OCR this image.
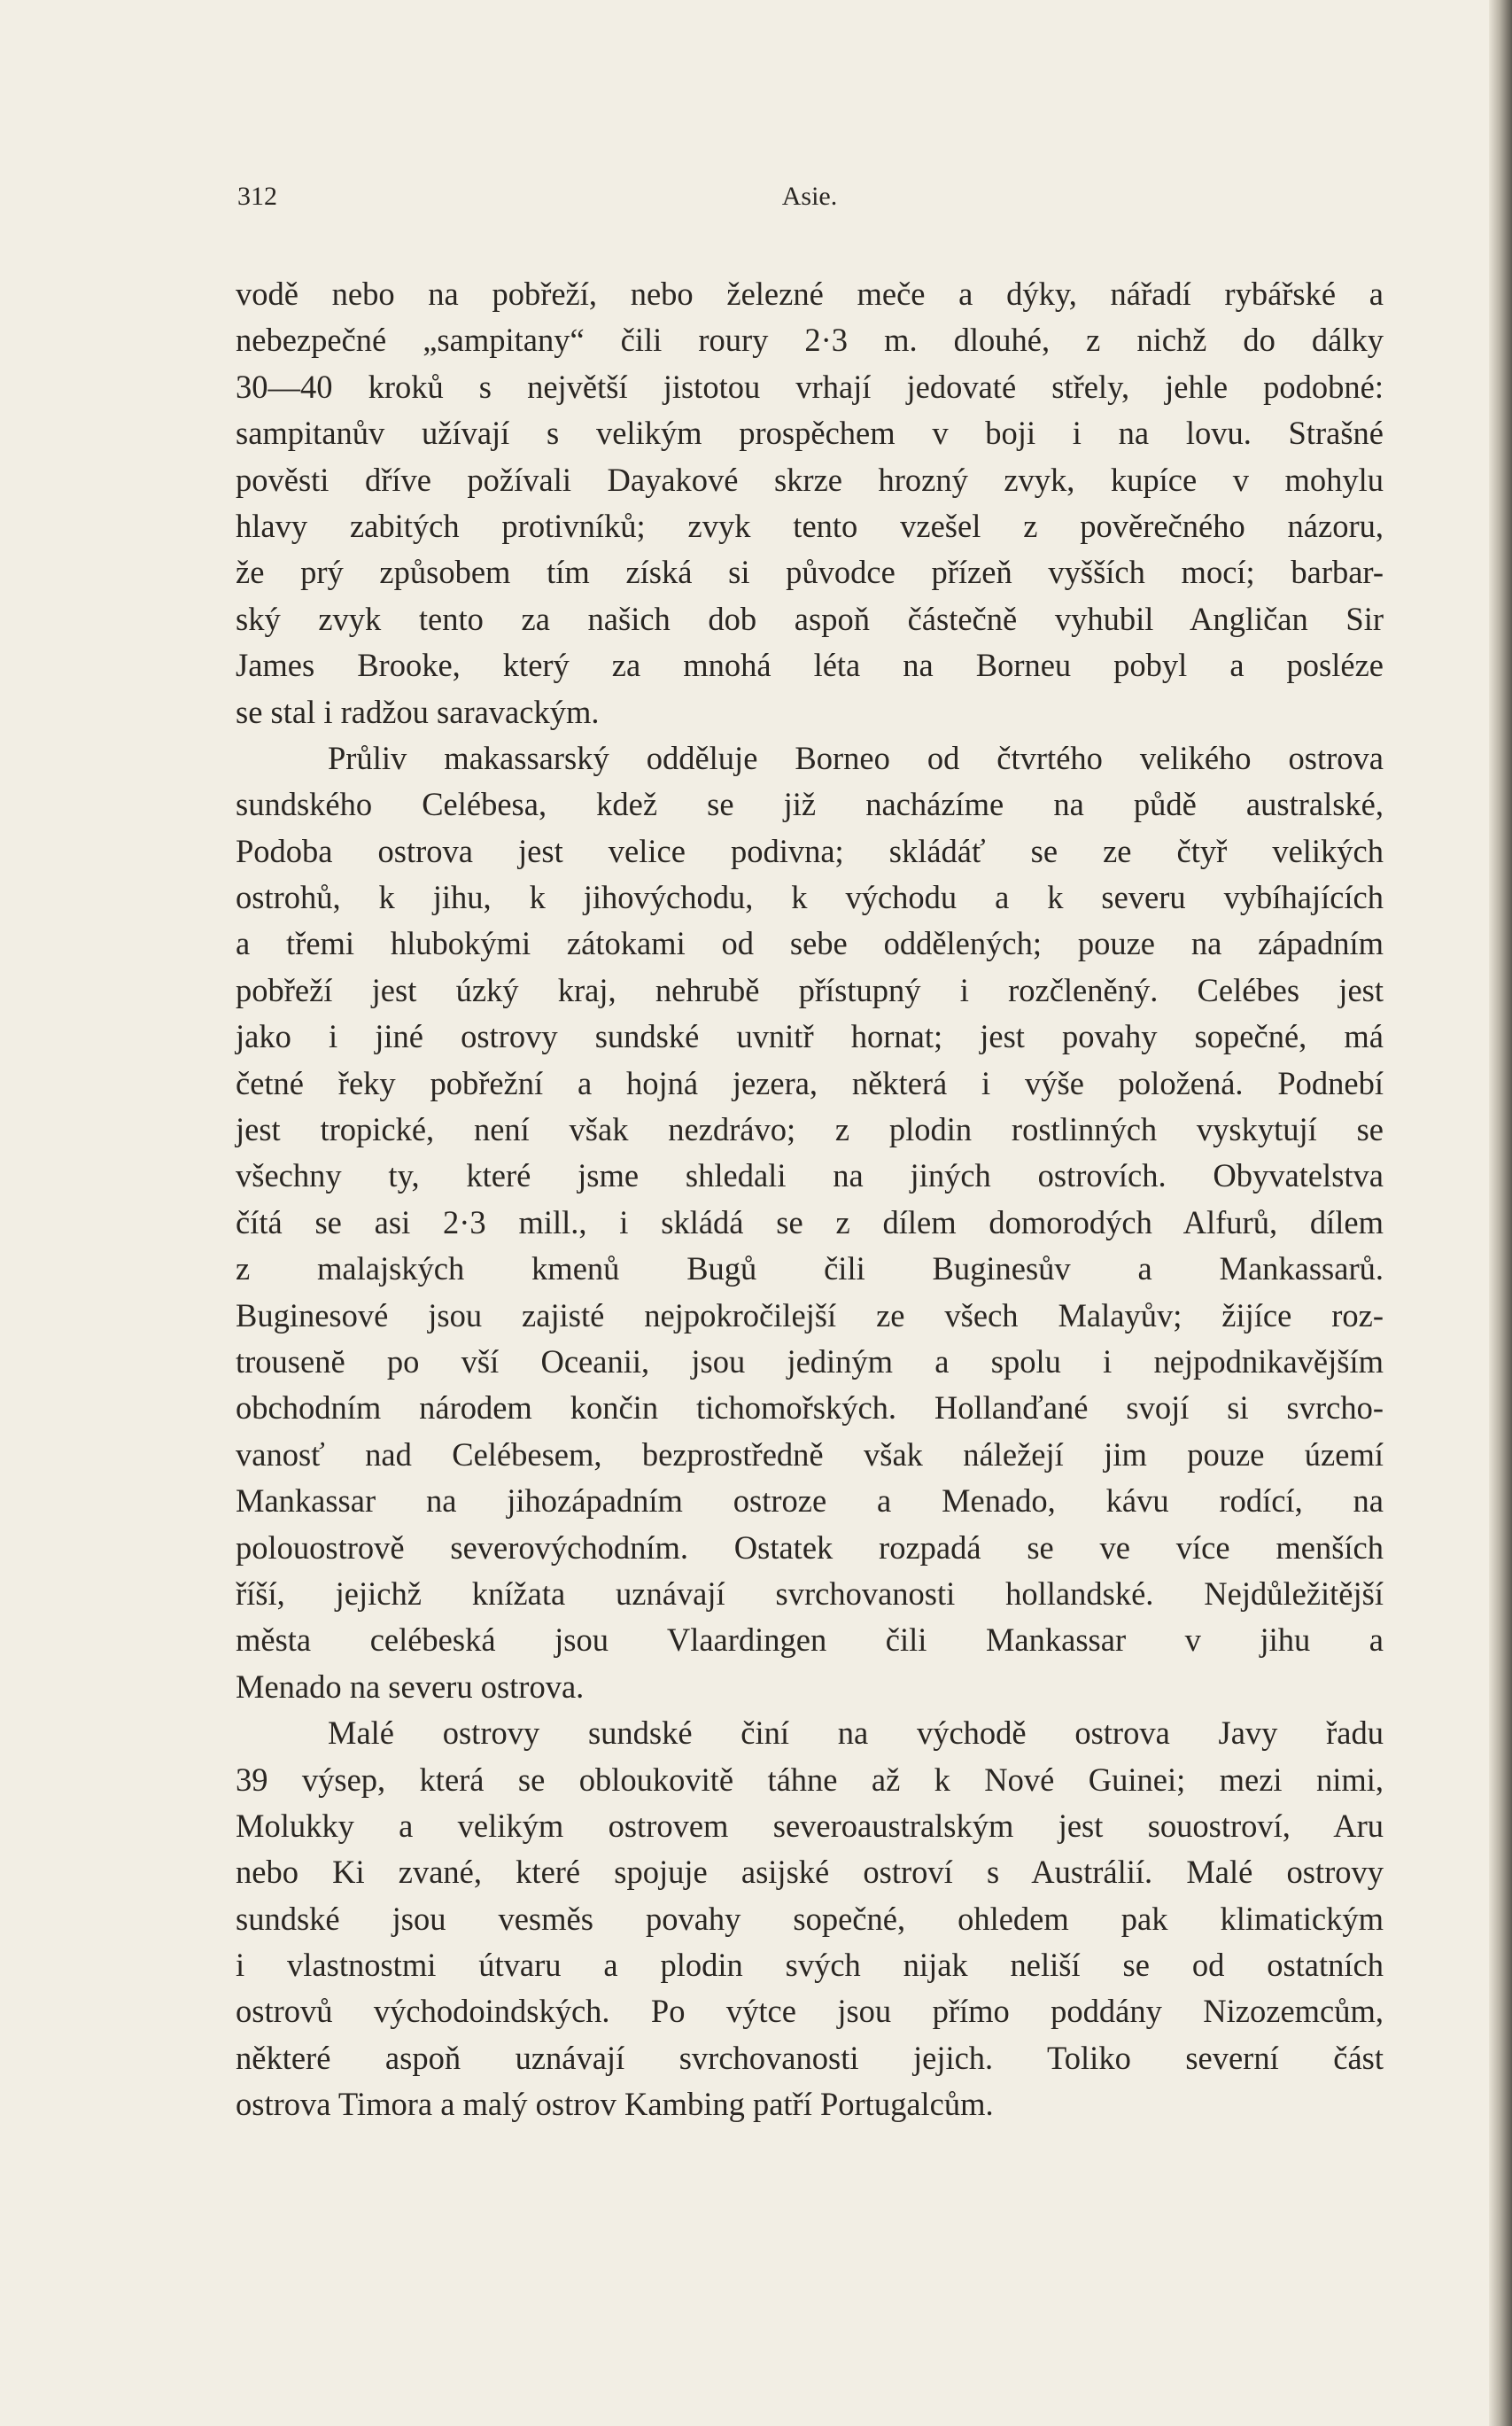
312	Asie.
vodě nebo na pobřeží, nebo železné meče a dýky, nářadí rybářské a
nebezpečné „sampitany“ čili roury 2·3 m. dlouhé, z nichž do dálky
30—40 kroků s největší jistotou vrhají jedovaté střely, jehle podobné:
sampitanův užívají s velikým prospěchem v boji i na lovu. Strašné
pověsti dříve požívali Dayakové skrze hrozný zvyk, kupíce v mohylu
hlavy zabitých protivníků; zvyk tento vzešel z pověrečného názoru,
že prý způsobem tím získá si původce přízeň vyšších mocí; barbar-
ský zvyk tento za našich dob aspoň částečně vyhubil Angličan Sir
James Brooke, který za mnohá léta na Borneu pobyl a posléze
se stal i radžou saravackým.
Průliv makassarský odděluje Borneo od čtvrtého velikého ostrova
sundského Celébesa, kdež se již nacházíme na půdě australské,
Podoba ostrova jest velice podivna; skládáť se ze čtyř velikých
ostrohů, k jihu, k jihovýchodu, k východu a k severu vybíhajících
a třemi hlubokými zátokami od sebe oddělených; pouze na západním
pobřeží jest úzký kraj, nehrubě přístupný i rozčleněný. Celébes jest
jako i jiné ostrovy sundské uvnitř hornat; jest povahy sopečné, má
četné řeky pobřežní a hojná jezera, některá i výše položená. Podnebí
jest tropické, není však nezdrávo; z plodin rostlinných vyskytují se
všechny ty, které jsme shledali na jiných ostrovích. Obyvatelstva
čítá se asi 2·3 mill., i skládá se z dílem domorodých Alfurů, dílem
z malajských kmenů Bugů čili Buginesův a Mankassarů.
Buginesové jsou zajisté nejpokročilejší ze všech Malayův; žijíce roz-
trousenĕ po vší Oceanii, jsou jediným a spolu i nejpodnikavějším
obchodním národem končin tichomořských. Hollanďané svojí si svrcho-
vanosť nad Celébesem, bezprostředně však náležejí jim pouze území
Mankassar na jihozápadním ostroze a Menado, kávu rodící, na
polouostrově severovýchodním. Ostatek rozpadá se ve více menších
říší, jejichž knížata uznávají svrchovanosti hollandské. Nejdůležitější
města celébeská jsou Vlaardingen čili Mankassar v jihu a
Menado na severu ostrova.
Malé ostrovy sundské činí na východě ostrova Javy řadu
39 výsep, která se obloukovitě táhne až k Nové Guinei; mezi nimi,
Molukky a velikým ostrovem severoaustralským jest souostroví, Aru
nebo Ki zvané, které spojuje asijské ostroví s Austrálií. Malé ostrovy
sundské jsou vesměs povahy sopečné, ohledem pak klimatickým
i vlastnostmi útvaru a plodin svých nijak neliší se od ostatních
ostrovů východoindských. Po výtce jsou přímo poddány Nizozemcům,
některé aspoň uznávají svrchovanosti jejich. Toliko severní část
ostrova Timora a malý ostrov Kambing patří Portugalcům.
